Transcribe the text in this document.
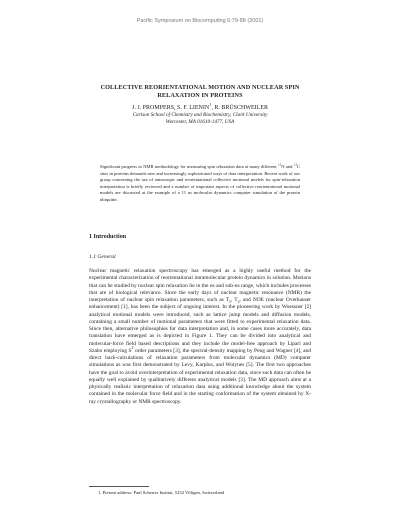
Pacific Symposium on Biocomputing 6:79-88 (2001)
COLLECTIVE REORIENTATIONAL MOTION AND NUCLEAR SPIN
RELAXATION IN PROTEINS
J. J. PROMPERS, S. F. LIENIN$^1$, R. BRÜSCHWEILER
Carlson School of Chemistry and Biochemistry, Clark University
Worcester, MA 01610-1477, USA
Significant progress in NMR methodology for measuring spin relaxation data at many different $^{15}$N and $^{13}$C sites in proteins demands new and increasingly sophisticated ways of data interpretation. Recent work of our group concerning the use of anisotropic and reorientational collective motional models for spin-relaxation interpretation is briefly reviewed and a number of important aspects of collective reorientational motional models are discussed at the example of a 11 ns molecular dynamics computer simulation of the protein ubiquitin.
1 Introduction
1.1 General
Nuclear magnetic relaxation spectroscopy has emerged as a highly useful method for the experimental characterization of reorientational intramolecular protein dynamics in solution. Motions that can be studied by nuclear spin relaxation lie in the ns and sub-ns range, which includes processes that are of biological relevance. Since the early days of nuclear magnetic resonance (NMR) the interpretation of nuclear spin relaxation parameters, such as $T_1$, $T_2$, and NOE (nuclear Overhauser enhancement) [1], has been the subject of ongoing interest. In the pioneering work by Woessner [2] analytical motional models were introduced, such as lattice jump models and diffusion models, containing a small number of motional parameters that were fitted to experimental relaxation data. Since then, alternative philosophies for data interpretation and, in some cases more accurately, data translation have emerged as is depicted in Figure 1. They can be divided into analytical and molecular-force field based descriptions and they include the model-free approach by Lipari and Szabo employing $S^2$ order parameters [3], the spectral-density mapping by Peng and Wagner [4], and direct back-calculations of relaxation parameters from molecular dynamics (MD) computer simulations as was first demonstrated by Levy, Karplus, and Wolynes [5]. The first two approaches have the goal to avoid overinterpretation of experimental relaxation data, since such data can often be equally well explained by qualitatively different analytical models [3]. The MD approach aims at a physically realistic interpretation of relaxation data using additional knowledge about the system contained in the molecular force field and in the starting conformation of the system obtained by X-ray crystallography or NMR spectroscopy.
1. Present address: Paul Scherrer Institut, 5232 Villigen, Switzerland
